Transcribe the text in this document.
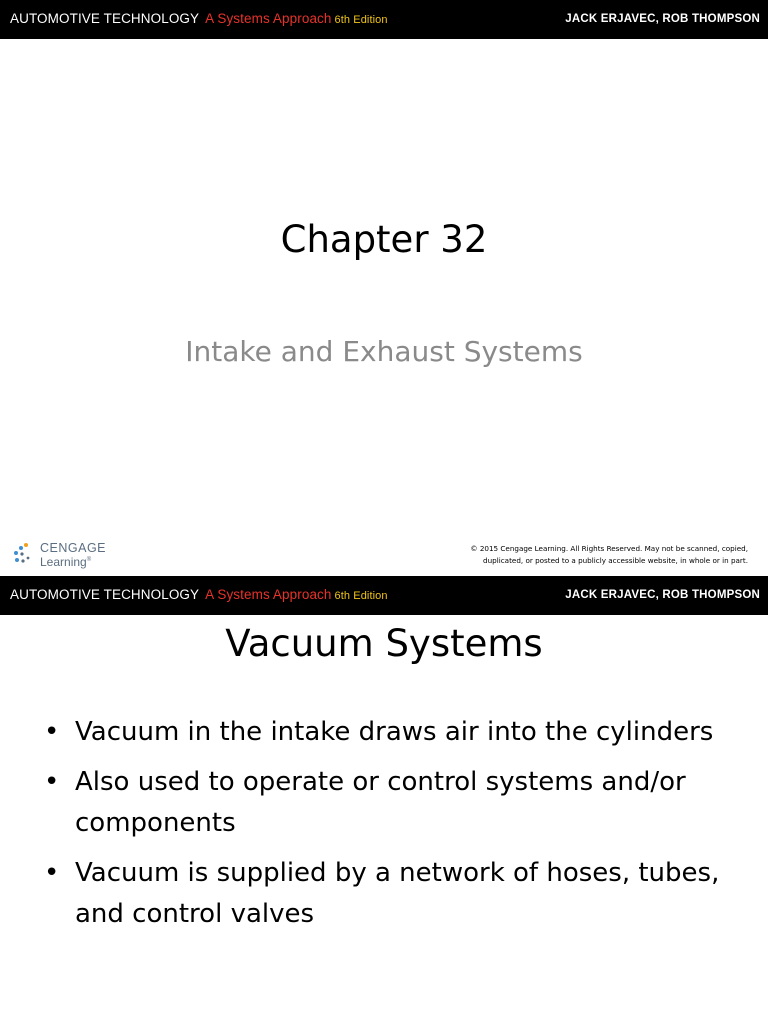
AUTOMOTIVE TECHNOLOGY A Systems Approach 6th Edition	JACK ERJAVEC, ROB THOMPSON
Chapter 32
Intake and Exhaust Systems
CENGAGE
Learning®
© 2015 Cengage Learning. All Rights Reserved. May not be scanned, copied,
duplicated, or posted to a publicly accessible website, in whole or in part.
AUTOMOTIVE TECHNOLOGY A Systems Approach 6th Edition	JACK ERJAVEC, ROB THOMPSON
Vacuum Systems
• Vacuum in the intake draws air into the cylinders
• Also used to operate or control systems and/or components
• Vacuum is supplied by a network of hoses, tubes, and control valves
